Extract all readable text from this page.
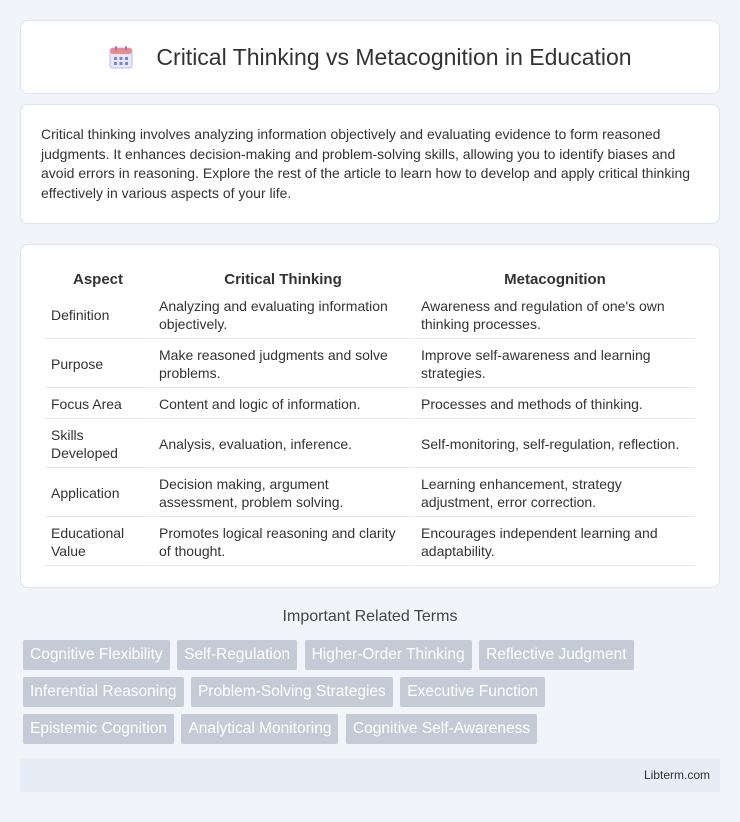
Critical Thinking vs Metacognition in Education

Critical thinking involves analyzing information objectively and evaluating evidence to form reasoned judgments. It enhances decision-making and problem-solving skills, allowing you to identify biases and avoid errors in reasoning. Explore the rest of the article to learn how to develop and apply critical thinking effectively in various aspects of your life.

Aspect	Critical Thinking	Metacognition
Definition	Analyzing and evaluating information objectively.	Awareness and regulation of one's own thinking processes.
Purpose	Make reasoned judgments and solve problems.	Improve self-awareness and learning strategies.
Focus Area	Content and logic of information.	Processes and methods of thinking.
Skills Developed	Analysis, evaluation, inference.	Self-monitoring, self-regulation, reflection.
Application	Decision making, argument assessment, problem solving.	Learning enhancement, strategy adjustment, error correction.
Educational Value	Promotes logical reasoning and clarity of thought.	Encourages independent learning and adaptability.
Important Related Terms
Cognitive Flexibility Self-Regulation Higher-Order Thinking Reflective Judgment
Inferential Reasoning Problem-Solving Strategies Executive Function
Epistemic Cognition Analytical Monitoring Cognitive Self-Awareness
Libterm.com
